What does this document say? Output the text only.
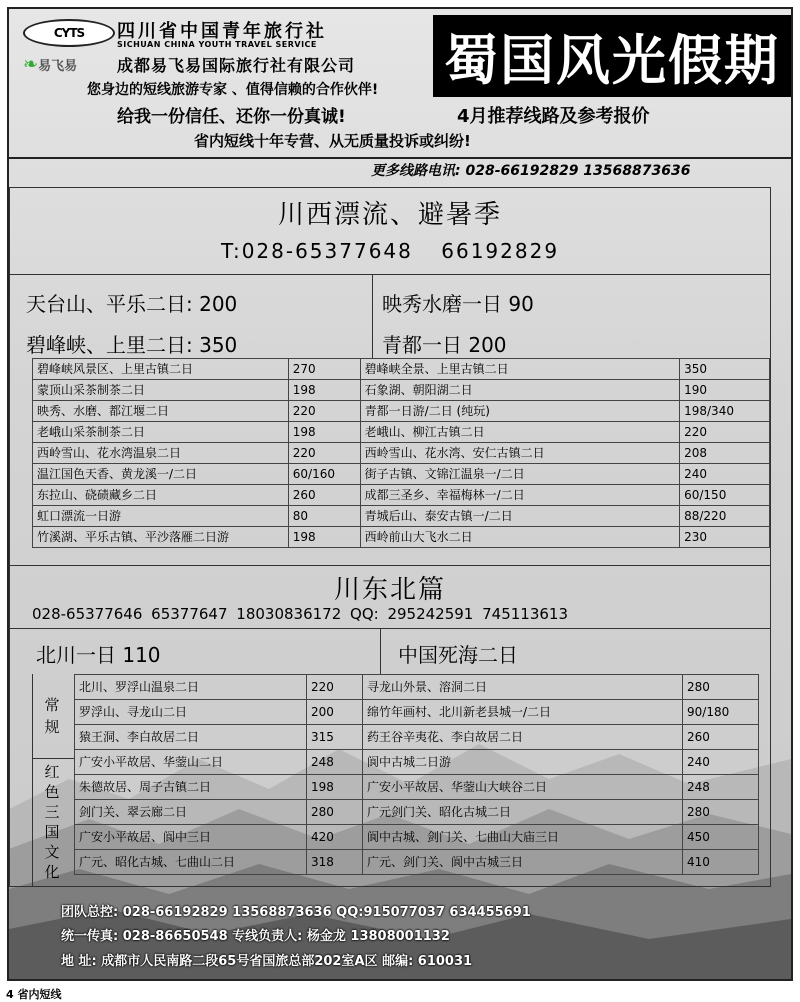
CYTS 四川省中国青年旅行社
SICHUAN CHINA YOUTH TRAVEL SERVICE
❧易飞易 成都易飞易国际旅行社有限公司
您身边的短线旅游专家 、值得信赖的合作伙伴!
给我一份信任、还你一份真诚!	4月推荐线路及参考报价
省内短线十年专营、从无质量投诉或纠纷!
蜀国风光假期
更多线路电讯: 028-66192829 13568873636
川西漂流、避暑季
T:028-65377648 66192829
天台山、平乐二日: 200	映秀水磨一日 90
碧峰峡、上里二日: 350	青都一日 200
碧峰峡风景区、上里古镇二日	270	碧峰峡全景、上里古镇二日	350
蒙顶山采茶制茶二日	198	石象湖、朝阳湖二日	190
映秀、水磨、都江堰二日	220	青都一日游/二日 (纯玩)	198/340
老峨山采茶制茶二日	198	老峨山、柳江古镇二日	220
西岭雪山、花水湾温泉二日	220	西岭雪山、花水湾、安仁古镇二日	208
温江国色天香、黄龙溪一/二日	60/160	街子古镇、文锦江温泉一/二日	240
东拉山、硗碛藏乡二日	260	成都三圣乡、幸福梅林一/二日	60/150
虹口漂流一日游	80	青城后山、泰安古镇一/二日	88/220
竹溪湖、平乐古镇、平沙落雁二日游	198	西岭前山大飞水二日	230
川东北篇
028-65377646 65377647 18030836172 QQ: 295242591 745113613
北川一日 110	中国死海二日
常
规
红
色
三
国
文
化
北川、罗浮山温泉二日	220	寻龙山外景、溶洞二日	280
罗浮山、寻龙山二日	200	绵竹年画村、北川新老县城一/二日	90/180
猿王洞、李白故居二日	315	药王谷辛夷花、李白故居二日	260
广安小平故居、华蓥山二日	248	阆中古城二日游	240
朱德故居、周子古镇二日	198	广安小平故居、华蓥山大峡谷二日	248
剑门关、翠云廊二日	280	广元剑门关、昭化古城二日	280
广安小平故居、阆中三日	420	阆中古城、剑门关、七曲山大庙三日	450
广元、昭化古城、七曲山二日	318	广元、剑门关、阆中古城三日	410
团队总控: 028-66192829 13568873636 QQ:915077037 634455691
统一传真: 028-86650548 专线负责人: 杨金龙 13808001132
地 址: 成都市人民南路二段65号省国旅总部202室A区 邮编: 610031
4 省内短线
